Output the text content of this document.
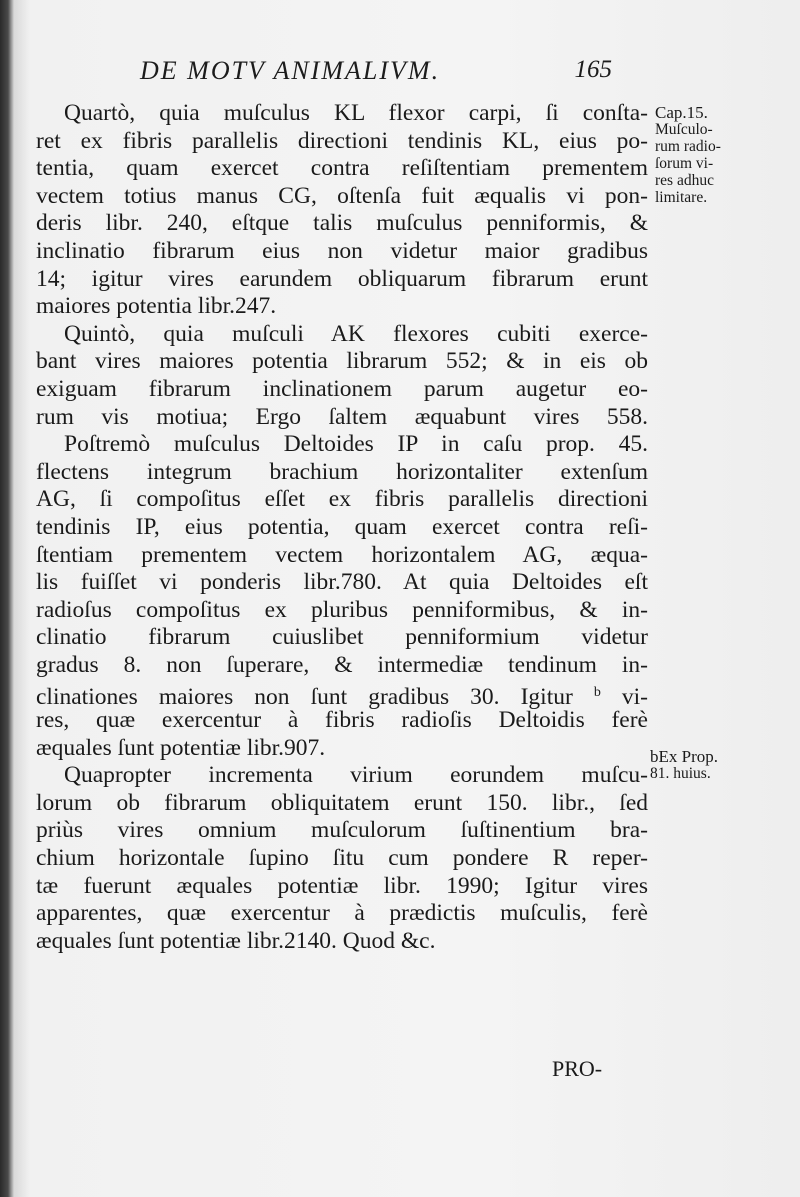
DE MOTV ANIMALIVM.	165
Quartò, quia muſculus KL flexor carpi, ſi conſta-
ret ex fibris parallelis directioni tendinis KL, eius po-
tentia, quam exercet contra reſiſtentiam prementem
vectem totius manus CG, oſtenſa fuit æqualis vi pon-
deris libr. 240, eſtque talis muſculus penniformis, &
inclinatio fibrarum eius non videtur maior gradibus
14; igitur vires earundem obliquarum fibrarum erunt
maiores potentia libr.247.
Quintò, quia muſculi AK flexores cubiti exerce-
bant vires maiores potentia librarum 552; & in eis ob
exiguam fibrarum inclinationem parum augetur eo-
rum vis motiua; Ergo ſaltem æquabunt vires 558.
Poſtremò muſculus Deltoides IP in caſu prop. 45.
flectens integrum brachium horizontaliter extenſum
AG, ſi compoſitus eſſet ex fibris parallelis directioni
tendinis IP, eius potentia, quam exercet contra reſi-
ſtentiam prementem vectem horizontalem AG, æqua-
lis fuiſſet vi ponderis libr.780. At quia Deltoides eſt
radioſus compoſitus ex pluribus penniformibus, & in-
clinatio fibrarum cuiuslibet penniformium videtur
gradus 8. non ſuperare, & intermediæ tendinum in-
clinationes maiores non ſunt gradibus 30. Igitur $^b$ vi-
res, quæ exercentur à fibris radioſis Deltoidis ferè
æquales ſunt potentiæ libr.907.
Quapropter incrementa virium eorundem muſcu-
lorum ob fibrarum obliquitatem erunt 150. libr., ſed
priùs vires omnium muſculorum ſuſtinentium bra-
chium horizontale ſupino ſitu cum pondere R reper-
tæ fuerunt æquales potentiæ libr. 1990; Igitur vires
apparentes, quæ exercentur à prædictis muſculis, ferè
æquales ſunt potentiæ libr.2140. Quod &c.
Cap.15.
Muſculo-
rum radio-
ſorum vi-
res adhuc
limitare.
bEx Prop.
81. huius.
PRO-
